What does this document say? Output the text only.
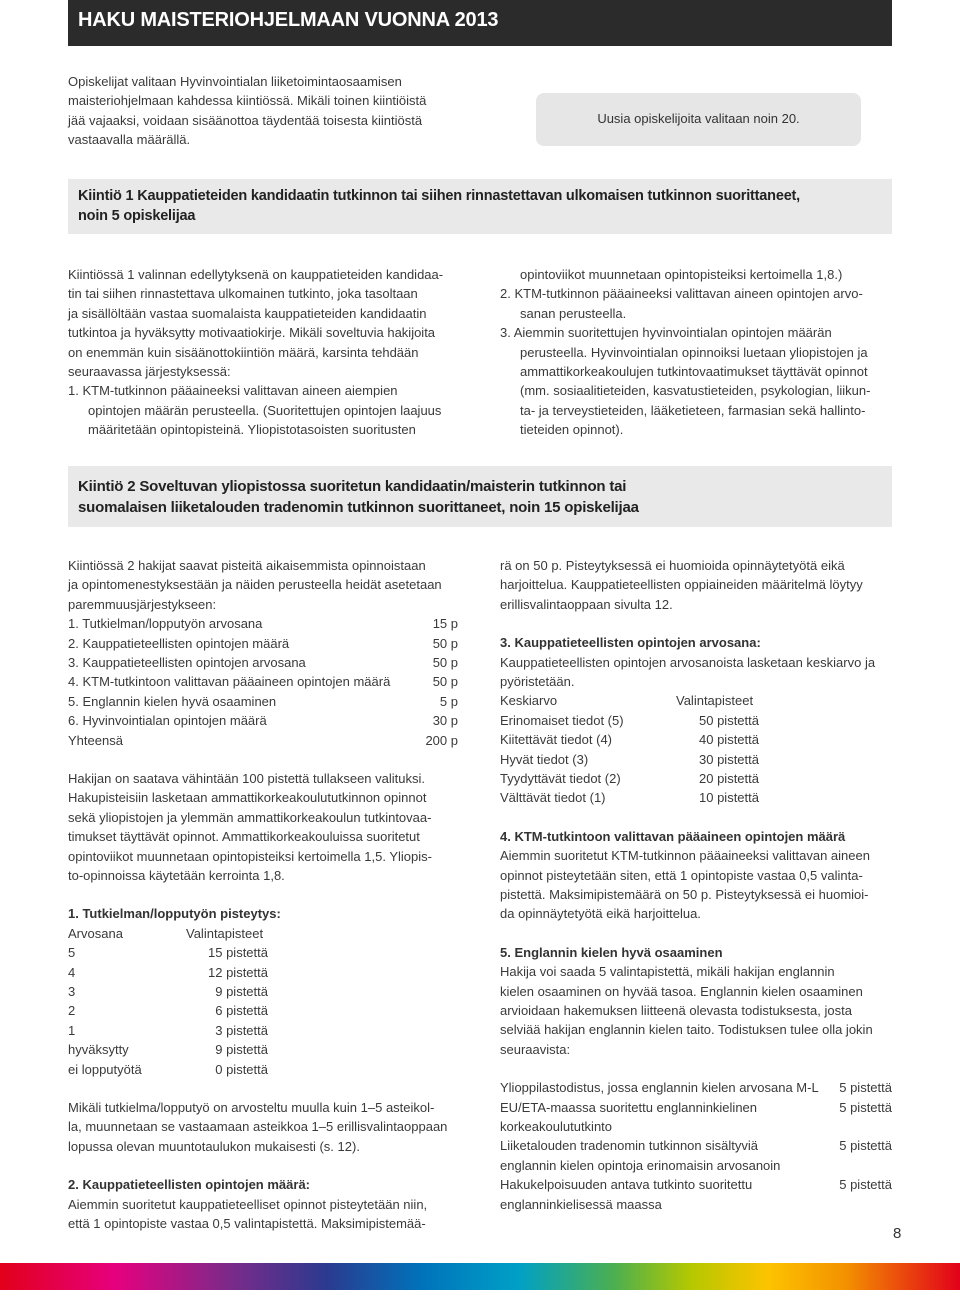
HAKU MAISTERIOHJELMAAN VUONNA 2013

Opiskelijat valitaan Hyvinvointialan liiketoimintaosaamisen

maisteriohjelmaan kahdessa kiintiössä. Mikäli toinen kiintiöistä

jää vajaaksi, voidaan sisäänottoa täydentää toisesta kiintiöstä

vastaavalla määrällä.

Uusia opiskelijoita valitaan noin 20.
Kiintiö 1 Kauppatieteiden kandidaatin tutkinnon tai siihen rinnastettavan ulkomaisen tutkinnon suorittaneet,
noin 5 opiskelijaa

Kiintiössä 1 valinnan edellytyksenä on kauppatieteiden kandidaa-

tin tai siihen rinnastettava ulkomainen tutkinto, joka tasoltaan

ja sisällöltään vastaa suomalaista kauppatieteiden kandidaatin

tutkintoa ja hyväksytty motivaatiokirje. Mikäli soveltuvia hakijoita

on enemmän kuin sisäänottokiintiön määrä, karsinta tehdään

seuraavassa järjestyksessä:

1. KTM-tutkinnon pääaineeksi valittavan aineen aiempien

opintojen määrän perusteella. (Suoritettujen opintojen laajuus

määritetään opintopisteinä. Yliopistotasoisten suoritusten

opintoviikot muunnetaan opintopisteiksi kertoimella 1,8.)

2. KTM-tutkinnon pääaineeksi valittavan aineen opintojen arvo-

sanan perusteella.

3. Aiemmin suoritettujen hyvinvointialan opintojen määrän

perusteella. Hyvinvointialan opinnoiksi luetaan yliopistojen ja

ammattikorkeakoulujen tutkintovaatimukset täyttävät opinnot

(mm. sosiaalitieteiden, kasvatustieteiden, psykologian, liikun-

ta- ja terveystieteiden, lääketieteen, farmasian sekä hallinto-

tieteiden opinnot).

Kiintiö 2 Soveltuvan yliopistossa suoritetun kandidaatin/maisterin tutkinnon tai
suomalaisen liiketalouden tradenomin tutkinnon suorittaneet, noin 15 opiskelijaa

Kiintiössä 2 hakijat saavat pisteitä aikaisemmista opinnoistaan

ja opintomenestyksestään ja näiden perusteella heidät asetetaan

paremmuusjärjestykseen:

1. Tutkielman/lopputyön arvosana	15 p
2. Kauppatieteellisten opintojen määrä	50 p
3. Kauppatieteellisten opintojen arvosana	50 p
4. KTM-tutkintoon valittavan pääaineen opintojen määrä	50 p
5. Englannin kielen hyvä osaaminen	5 p
6. Hyvinvointialan opintojen määrä	30 p
Yhteensä	200 p

Hakijan on saatava vähintään 100 pistettä tullakseen valituksi.

Hakupisteisiin lasketaan ammattikorkeakoulututkinnon opinnot

sekä yliopistojen ja ylemmän ammattikorkeakoulun tutkintovaa-

timukset täyttävät opinnot. Ammattikorkeakouluissa suoritetut

opintoviikot muunnetaan opintopisteiksi kertoimella 1,5. Yliopis-

to-opinnoissa käytetään kerrointa 1,8.

1. Tutkielman/lopputyön pisteytys:

Arvosana	Valintapisteet
5	15 pistettä
4	12 pistettä
3	9 pistettä
2	6 pistettä
1	3 pistettä
hyväksytty	9 pistettä
ei lopputyötä	0 pistettä

Mikäli tutkielma/lopputyö on arvosteltu muulla kuin 1–5 asteikol-

la, muunnetaan se vastaamaan asteikkoa 1–5 erillisvalintaoppaan

lopussa olevan muuntotaulukon mukaisesti (s. 12).

2. Kauppatieteellisten opintojen määrä:

Aiemmin suoritetut kauppatieteelliset opinnot pisteytetään niin,

että 1 opintopiste vastaa 0,5 valintapistettä. Maksimipistemää-

rä on 50 p. Pisteytyksessä ei huomioida opinnäytetyötä eikä

harjoittelua. Kauppatieteellisten oppiaineiden määritelmä löytyy

erillisvalintaoppaan sivulta 12.

3. Kauppatieteellisten opintojen arvosana:

Kauppatieteellisten opintojen arvosanoista lasketaan keskiarvo ja

pyöristetään.

Keskiarvo	Valintapisteet
Erinomaiset tiedot (5)	50 pistettä
Kiitettävät tiedot (4)	40 pistettä
Hyvät tiedot (3)	30 pistettä
Tyydyttävät tiedot (2)	20 pistettä
Välttävät tiedot (1)	10 pistettä

4. KTM-tutkintoon valittavan pääaineen opintojen määrä

Aiemmin suoritetut KTM-tutkinnon pääaineeksi valittavan aineen

opinnot pisteytetään siten, että 1 opintopiste vastaa 0,5 valinta-

pistettä. Maksimipistemäärä on 50 p. Pisteytyksessä ei huomioi-

da opinnäytetyötä eikä harjoittelua.

5. Englannin kielen hyvä osaaminen

Hakija voi saada 5 valintapistettä, mikäli hakijan englannin

kielen osaaminen on hyvää tasoa. Englannin kielen osaaminen

arvioidaan hakemuksen liitteenä olevasta todistuksesta, josta

selviää hakijan englannin kielen taito. Todistuksen tulee olla jokin

seuraavista:

Ylioppilastodistus, jossa englannin kielen arvosana M-L 5 pistettä
EU/ETA-maassa suoritettu englanninkielinen	5 pistettä
korkeakoulututkinto
Liiketalouden tradenomin tutkinnon sisältyviä	5 pistettä
englannin kielen opintoja erinomaisin arvosanoin
Hakukelpoisuuden antava tutkinto suoritettu	5 pistettä
englanninkielisessä maassa
8
